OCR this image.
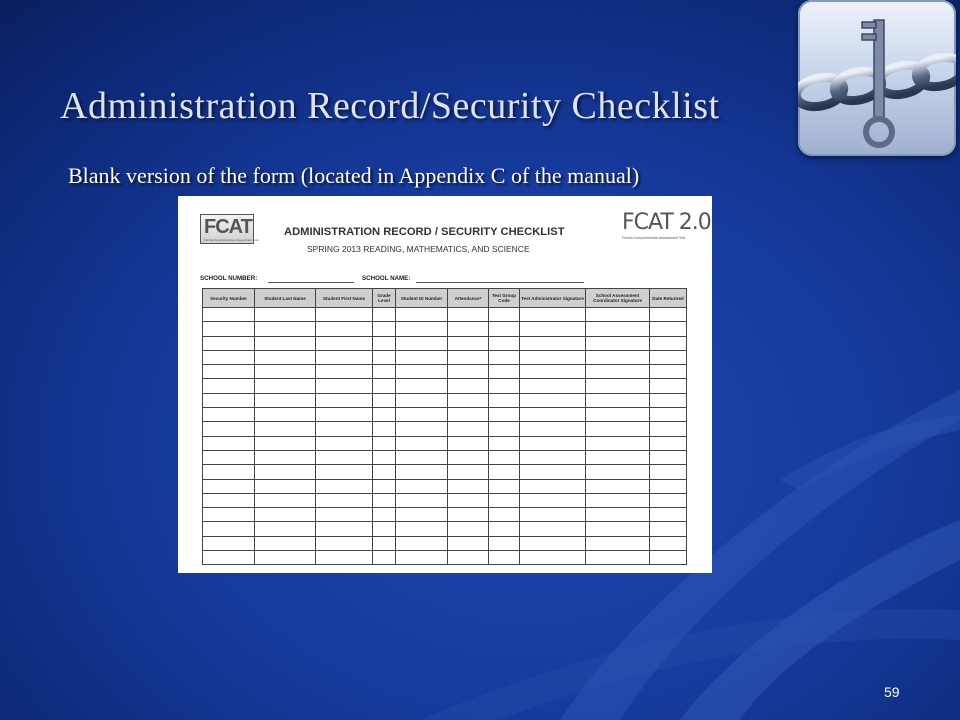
Administration Record/Security Checklist
Blank version of the form (located in Appendix C of the manual)
FCAT
Florida Comprehensive Assessment Test
ADMINISTRATION RECORD / SECURITY CHECKLIST
SPRING 2013 READING, MATHEMATICS, AND SCIENCE
FCAT 2.0
Florida Comprehensive Assessment Test
SCHOOL NUMBER:	SCHOOL NAME:
Security Number	Student Last Name	Student First Name	Grade Level	Student ID Number	Attendance*	Test Group Code	Test Administrator Signature	School Assessment Coordinator Signature	Date Returned

59
